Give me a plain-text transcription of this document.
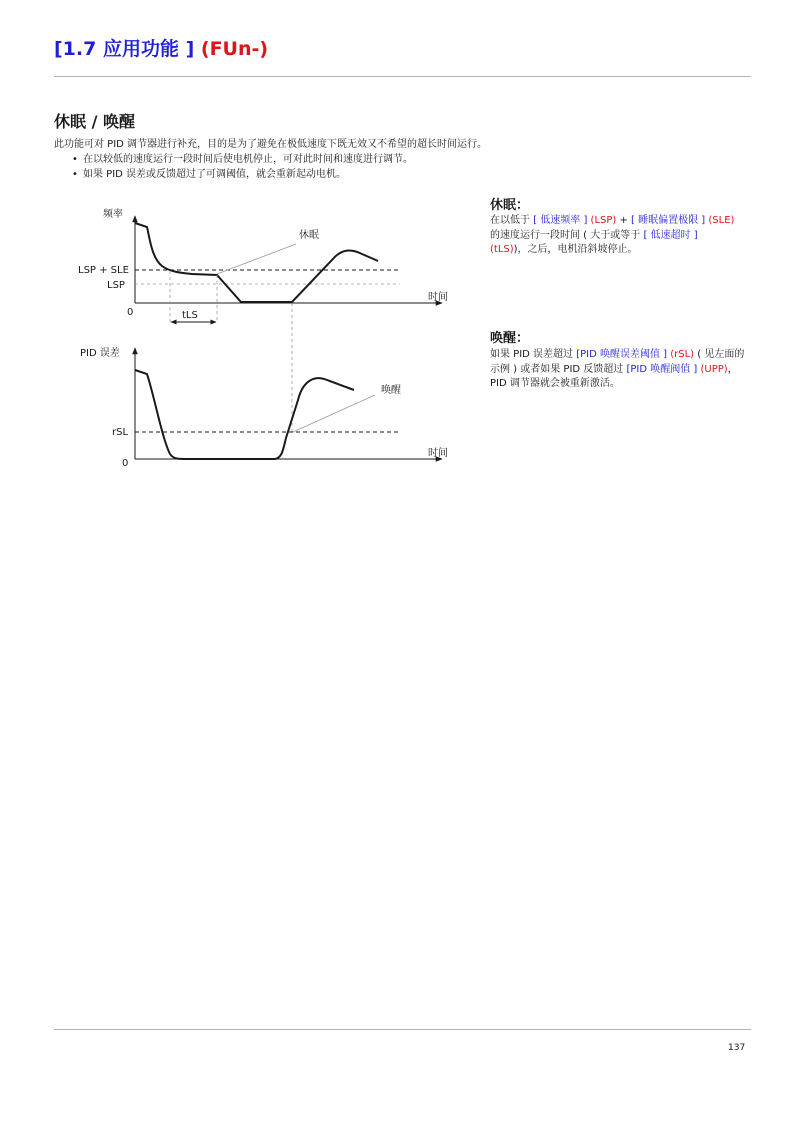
[1.7 应用功能 ] (FUn-)
休眠 / 唤醒
此功能可对 PID 调节器进行补充，目的是为了避免在极低速度下既无效又不希望的超长时间运行。
• 在以较低的速度运行一段时间后使电机停止，可对此时间和速度进行调节。
• 如果 PID 误差或反馈超过了可调阈值，就会重新起动电机。
频率
时间
0
LSP + SLE
LSP
tLS
休眠
PID 误差
时间
0
rSL
唤醒
休眠：
在以低于 [ 低速频率 ] (LSP) + [ 睡眠偏置极限 ] (SLE)
的速度运行一段时间 ( 大于或等于 [ 低速超时 ]
(tLS))，之后，电机沿斜坡停止。
唤醒：
如果 PID 误差超过 [PID 唤醒误差阈值 ] (rSL) ( 见左面的示例 ) 或者如果 PID 反馈超过 [PID 唤醒阀值 ] (UPP)， PID 调节器就会被重新激活。
137
